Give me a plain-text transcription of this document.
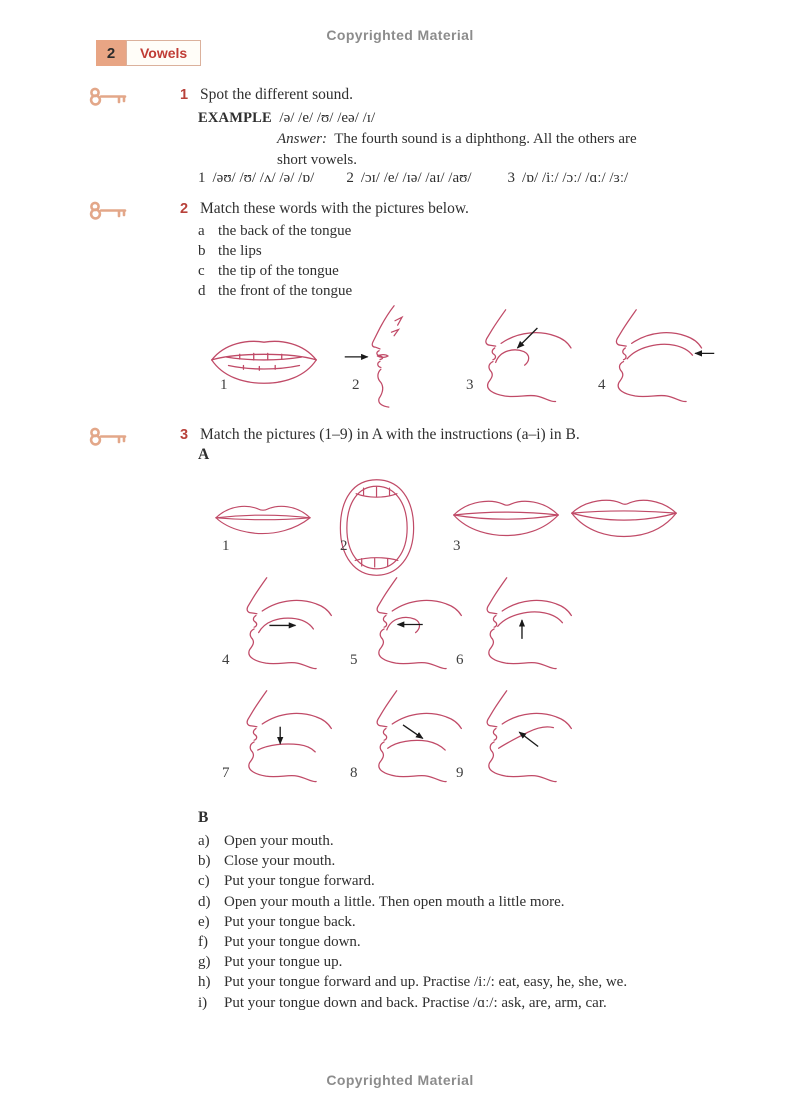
Copyrighted Material
2	Vowels
1 Spot the different sound.
EXAMPLE /ə/ /e/ /ʊ/ /eə/ /ɪ/
Answer: The fourth sound is a diphthong. All the others are
short vowels.
1 /əʊ/ /ʊ/ /ʌ/ /ə/ /ɒ/ 2 /ɔɪ/ /e/ /ɪə/ /aɪ/ /aʊ/ 3 /ɒ/ /iː/ /ɔː/ /ɑː/ /ɜː/
2 Match these words with the pictures below.
a the back of the tongue
b the lips
c the tip of the tongue
d the front of the tongue
1	2	3	4
3 Match the pictures (1–9) in A with the instructions (a–i) in B.
A
1	2	3
4	5	6
7	8	9
B
a) Open your mouth.
b) Close your mouth.
c) Put your tongue forward.
d) Open your mouth a little. Then open mouth a little more.
e) Put your tongue back.
f) Put your tongue down.
g) Put your tongue up.
h) Put your tongue forward and up. Practise /iː/: eat, easy, he, she, we.
i) Put your tongue down and back. Practise /ɑː/: ask, are, arm, car.
Copyrighted Material
